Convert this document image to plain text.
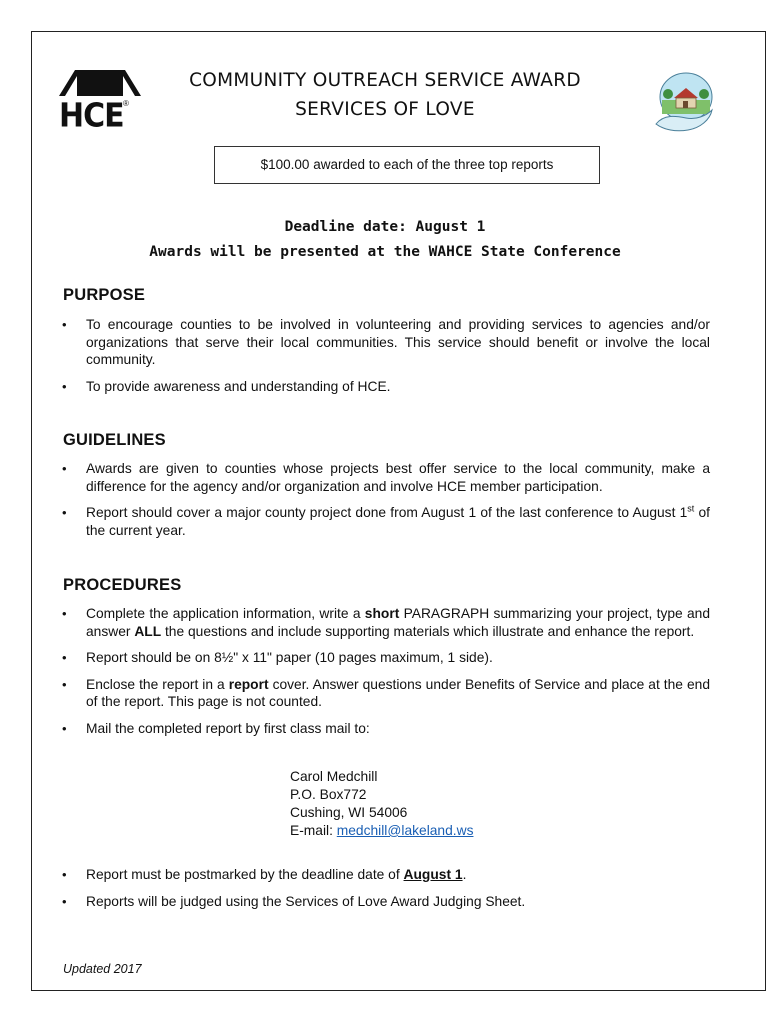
HCE ®
COMMUNITY OUTREACH SERVICE AWARD
SERVICES OF LOVE
$100.00 awarded to each of the three top reports
Deadline date: August 1
Awards will be presented at the WAHCE State Conference
PURPOSE
• To encourage counties to be involved in volunteering and providing services to agencies and/or organizations that serve their local communities. This service should benefit or involve the local community.
• To provide awareness and understanding of HCE.
GUIDELINES
• Awards are given to counties whose projects best offer service to the local community, make a difference for the agency and/or organization and involve HCE member participation.
• Report should cover a major county project done from August 1 of the last conference to August 1st of the current year.
PROCEDURES
• Complete the application information, write a short PARAGRAPH summarizing your project, type and answer ALL the questions and include supporting materials which illustrate and enhance the report.
• Report should be on 8½" x 11" paper (10 pages maximum, 1 side).
• Enclose the report in a report cover. Answer questions under Benefits of Service and place at the end of the report. This page is not counted.
• Mail the completed report by first class mail to:
Carol Medchill
P.O. Box772
Cushing, WI 54006
E-mail: medchill@lakeland.ws
• Report must be postmarked by the deadline date of August 1.
• Reports will be judged using the Services of Love Award Judging Sheet.
Updated 2017
